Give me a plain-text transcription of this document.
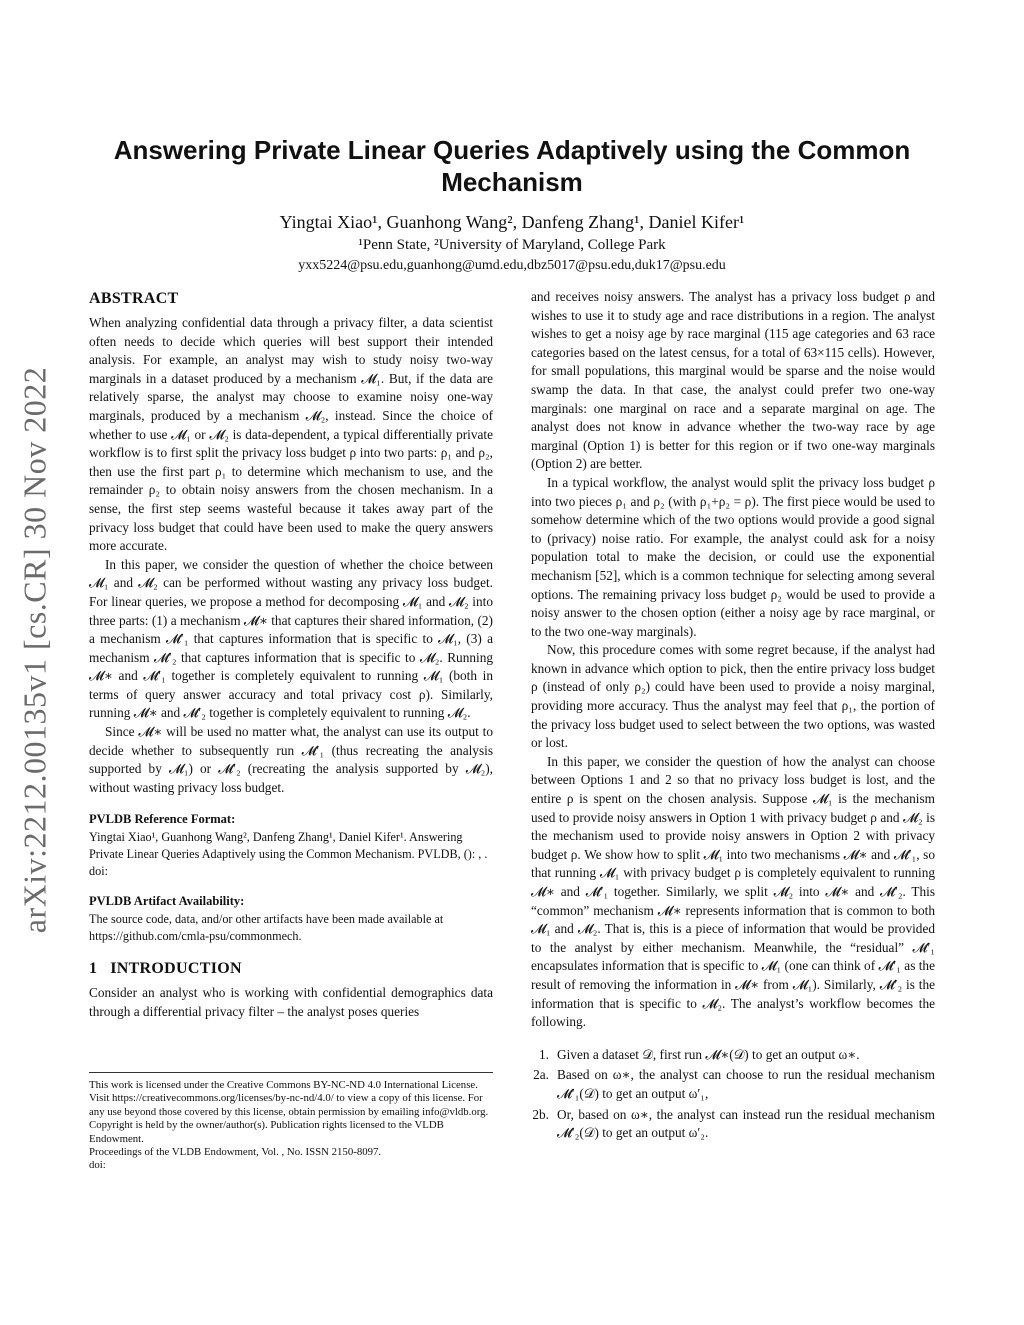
arXiv:2212.00135v1 [cs.CR] 30 Nov 2022
Answering Private Linear Queries Adaptively using the Common Mechanism
Yingtai Xiao¹, Guanhong Wang², Danfeng Zhang¹, Daniel Kifer¹
¹Penn State, ²University of Maryland, College Park
yxx5224@psu.edu,guanhong@umd.edu,dbz5017@psu.edu,duk17@psu.edu
ABSTRACT

When analyzing confidential data through a privacy filter, a data scientist often needs to decide which queries will best support their intended analysis. For example, an analyst may wish to study noisy two-way marginals in a dataset produced by a mechanism 𝓜₁. But, if the data are relatively sparse, the analyst may choose to examine noisy one-way marginals, produced by a mechanism 𝓜₂, instead. Since the choice of whether to use 𝓜₁ or 𝓜₂ is data-dependent, a typical differentially private workflow is to first split the privacy loss budget ρ into two parts: ρ₁ and ρ₂, then use the first part ρ₁ to determine which mechanism to use, and the remainder ρ₂ to obtain noisy answers from the chosen mechanism. In a sense, the first step seems wasteful because it takes away part of the privacy loss budget that could have been used to make the query answers more accurate.

In this paper, we consider the question of whether the choice between 𝓜₁ and 𝓜₂ can be performed without wasting any privacy loss budget. For linear queries, we propose a method for decomposing 𝓜₁ and 𝓜₂ into three parts: (1) a mechanism 𝓜∗ that captures their shared information, (2) a mechanism 𝓜′₁ that captures information that is specific to 𝓜₁, (3) a mechanism 𝓜′₂ that captures information that is specific to 𝓜₂. Running 𝓜∗ and 𝓜′₁ together is completely equivalent to running 𝓜₁ (both in terms of query answer accuracy and total privacy cost ρ). Similarly, running 𝓜∗ and 𝓜′₂ together is completely equivalent to running 𝓜₂.

Since 𝓜∗ will be used no matter what, the analyst can use its output to decide whether to subsequently run 𝓜′₁ (thus recreating the analysis supported by 𝓜₁) or 𝓜′₂ (recreating the analysis supported by 𝓜₂), without wasting privacy loss budget.

PVLDB Reference Format:

Yingtai Xiao¹, Guanhong Wang², Danfeng Zhang¹, Daniel Kifer¹. Answering Private Linear Queries Adaptively using the Common Mechanism. PVLDB, (): , .

doi:

PVLDB Artifact Availability:

The source code, data, and/or other artifacts have been made available at https://github.com/cmla-psu/commonmech.

1   INTRODUCTION

Consider an analyst who is working with confidential demographics data through a differential privacy filter – the analyst poses queries

This work is licensed under the Creative Commons BY-NC-ND 4.0 International License. Visit https://creativecommons.org/licenses/by-nc-nd/4.0/ to view a copy of this license. For any use beyond those covered by this license, obtain permission by emailing info@vldb.org. Copyright is held by the owner/author(s). Publication rights licensed to the VLDB Endowment.

Proceedings of the VLDB Endowment, Vol. , No. ISSN 2150-8097.

doi:

and receives noisy answers. The analyst has a privacy loss budget ρ and wishes to use it to study age and race distributions in a region. The analyst wishes to get a noisy age by race marginal (115 age categories and 63 race categories based on the latest census, for a total of 63×115 cells). However, for small populations, this marginal would be sparse and the noise would swamp the data. In that case, the analyst could prefer two one-way marginals: one marginal on race and a separate marginal on age. The analyst does not know in advance whether the two-way race by age marginal (Option 1) is better for this region or if two one-way marginals (Option 2) are better.

In a typical workflow, the analyst would split the privacy loss budget ρ into two pieces ρ₁ and ρ₂ (with ρ₁+ρ₂ = ρ). The first piece would be used to somehow determine which of the two options would provide a good signal to (privacy) noise ratio. For example, the analyst could ask for a noisy population total to make the decision, or could use the exponential mechanism [52], which is a common technique for selecting among several options. The remaining privacy loss budget ρ₂ would be used to provide a noisy answer to the chosen option (either a noisy age by race marginal, or to the two one-way marginals).

Now, this procedure comes with some regret because, if the analyst had known in advance which option to pick, then the entire privacy loss budget ρ (instead of only ρ₂) could have been used to provide a noisy marginal, providing more accuracy. Thus the analyst may feel that ρ₁, the portion of the privacy loss budget used to select between the two options, was wasted or lost.

In this paper, we consider the question of how the analyst can choose between Options 1 and 2 so that no privacy loss budget is lost, and the entire ρ is spent on the chosen analysis. Suppose 𝓜₁ is the mechanism used to provide noisy answers in Option 1 with privacy budget ρ and 𝓜₂ is the mechanism used to provide noisy answers in Option 2 with privacy budget ρ. We show how to split 𝓜₁ into two mechanisms 𝓜∗ and 𝓜′₁, so that running 𝓜₁ with privacy budget ρ is completely equivalent to running 𝓜∗ and 𝓜′₁ together. Similarly, we split 𝓜₂ into 𝓜∗ and 𝓜′₂. This “common” mechanism 𝓜∗ represents information that is common to both 𝓜₁ and 𝓜₂. That is, this is a piece of information that would be provided to the analyst by either mechanism. Meanwhile, the “residual” 𝓜′₁ encapsulates information that is specific to 𝓜₁ (one can think of 𝓜′₁ as the result of removing the information in 𝓜∗ from 𝓜₁). Similarly, 𝓜′₂ is the information that is specific to 𝓜₂. The analyst’s workflow becomes the following.

1. Given a dataset 𝒟, first run 𝓜∗(𝒟) to get an output ω∗.
2a. Based on ω∗, the analyst can choose to run the residual mechanism 𝓜′₁(𝒟) to get an output ω′₁,
2b. Or, based on ω∗, the analyst can instead run the residual mechanism 𝓜′₂(𝒟) to get an output ω′₂.
